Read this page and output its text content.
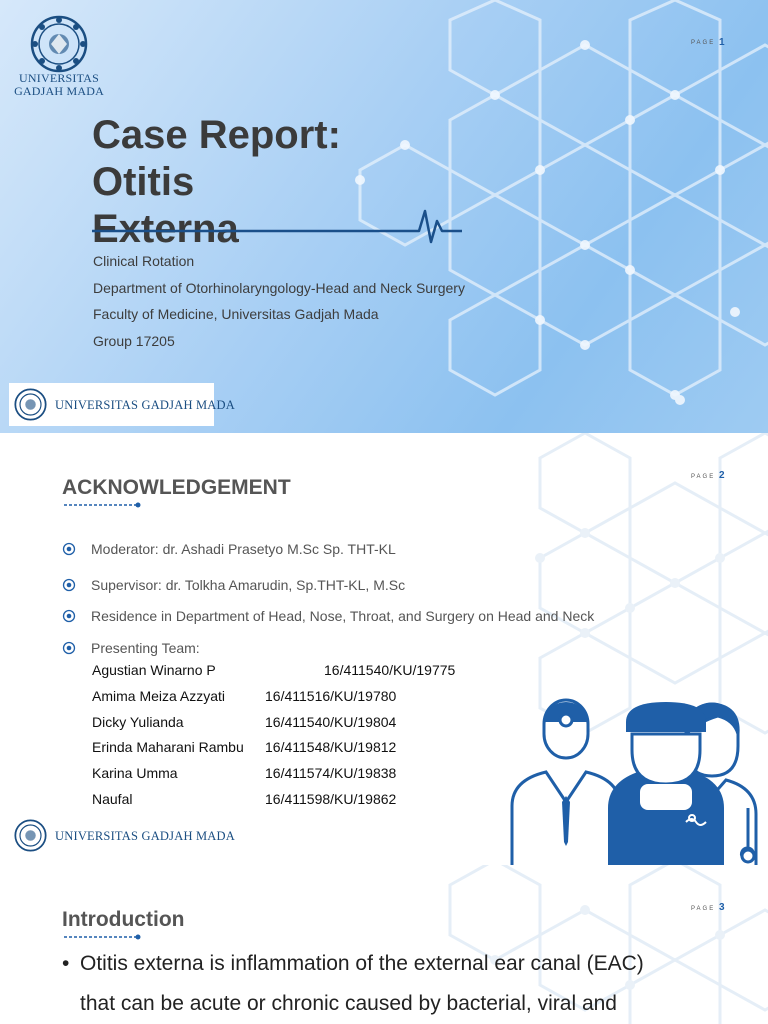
UNIVERSITAS
GADJAH MADA
PAGE 1
Case Report:
Otitis
Externa
Clinical Rotation
Department of Otorhinolaryngology-Head and Neck Surgery
Faculty of Medicine, Universitas Gadjah Mada
Group 17205
UNIVERSITAS GADJAH MADA
PAGE 2
ACKNOWLEDGEMENT
Moderator: dr. Ashadi Prasetyo M.Sc Sp. THT-KL
Supervisor: dr. Tolkha Amarudin, Sp.THT-KL, M.Sc
Residence in Department of Head, Nose, Throat, and Surgery on Head and Neck
Presenting Team:
Agustian Winarno P	16/411540/KU/19775
Amima Meiza Azzyati	16/411516/KU/19780
Dicky Yulianda	16/411540/KU/19804
Erinda Maharani Rambu 16/411548/KU/19812
Karina Umma	16/411574/KU/19838
Naufal	16/411598/KU/19862
UNIVERSITAS GADJAH MADA
PAGE 3
Introduction
• Otitis externa is inflammation of the external ear canal (EAC)
that can be acute or chronic caused by bacterial, viral and
